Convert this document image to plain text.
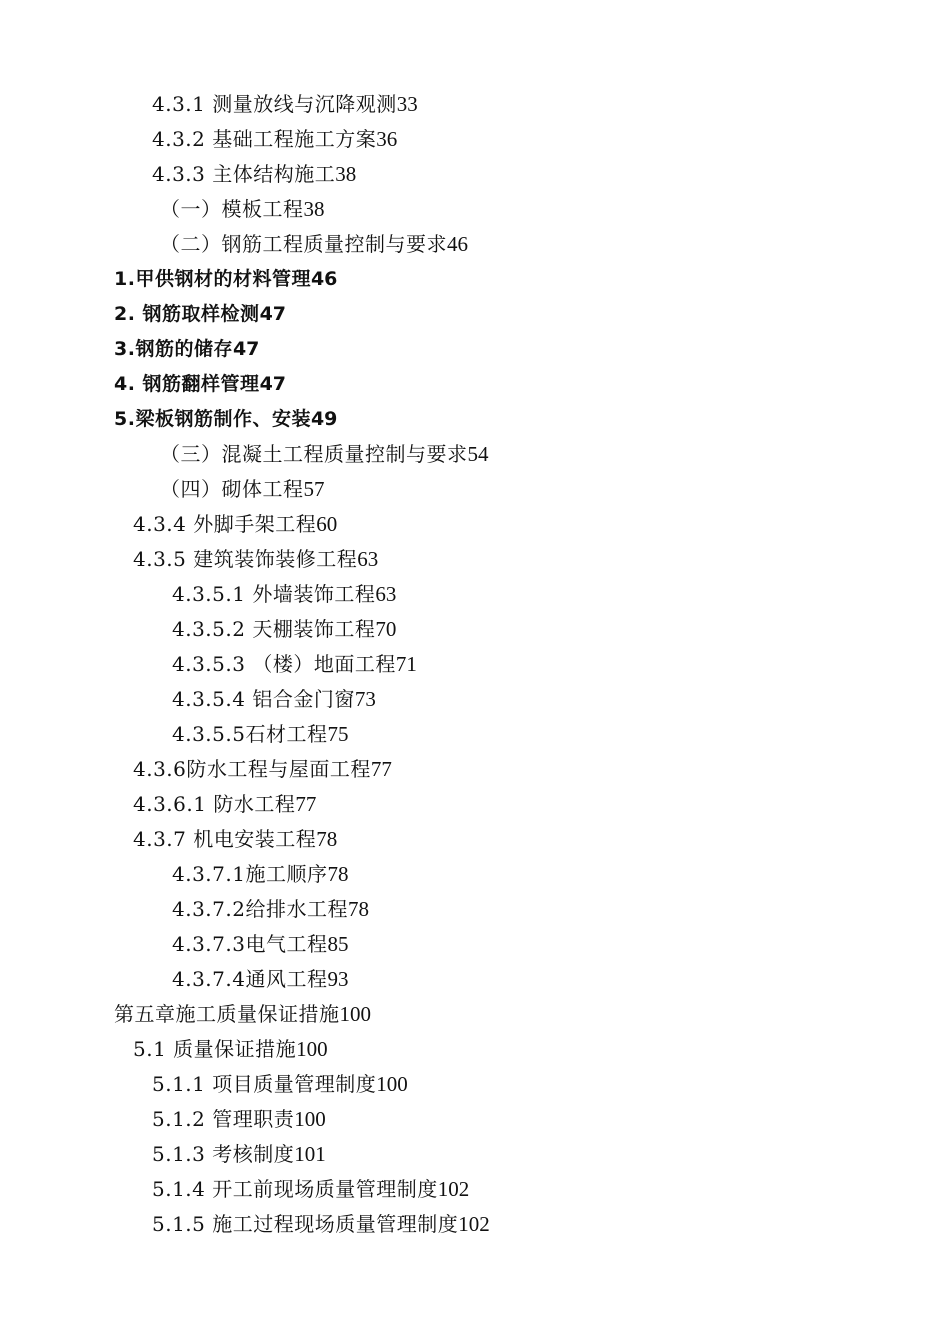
4.3.1 测量放线与沉降观测33
4.3.2 基础工程施工方案36
4.3.3 主体结构施工38
（一）模板工程38
（二）钢筋工程质量控制与要求46
1.甲供钢材的材料管理46
2. 钢筋取样检测47
3.钢筋的储存47
4. 钢筋翻样管理47
5.梁板钢筋制作、安装49
（三）混凝土工程质量控制与要求54
（四）砌体工程57
4.3.4 外脚手架工程60
4.3.5 建筑装饰装修工程63
4.3.5.1 外墙装饰工程63
4.3.5.2 天棚装饰工程70
4.3.5.3 （楼）地面工程71
4.3.5.4 铝合金门窗73
4.3.5.5石材工程75
4.3.6防水工程与屋面工程77
4.3.6.1 防水工程77
4.3.7 机电安装工程78
4.3.7.1施工顺序78
4.3.7.2给排水工程78
4.3.7.3电气工程85
4.3.7.4通风工程93
第五章施工质量保证措施100
5.1 质量保证措施100
5.1.1 项目质量管理制度100
5.1.2 管理职责100
5.1.3 考核制度101
5.1.4 开工前现场质量管理制度102
5.1.5 施工过程现场质量管理制度102
